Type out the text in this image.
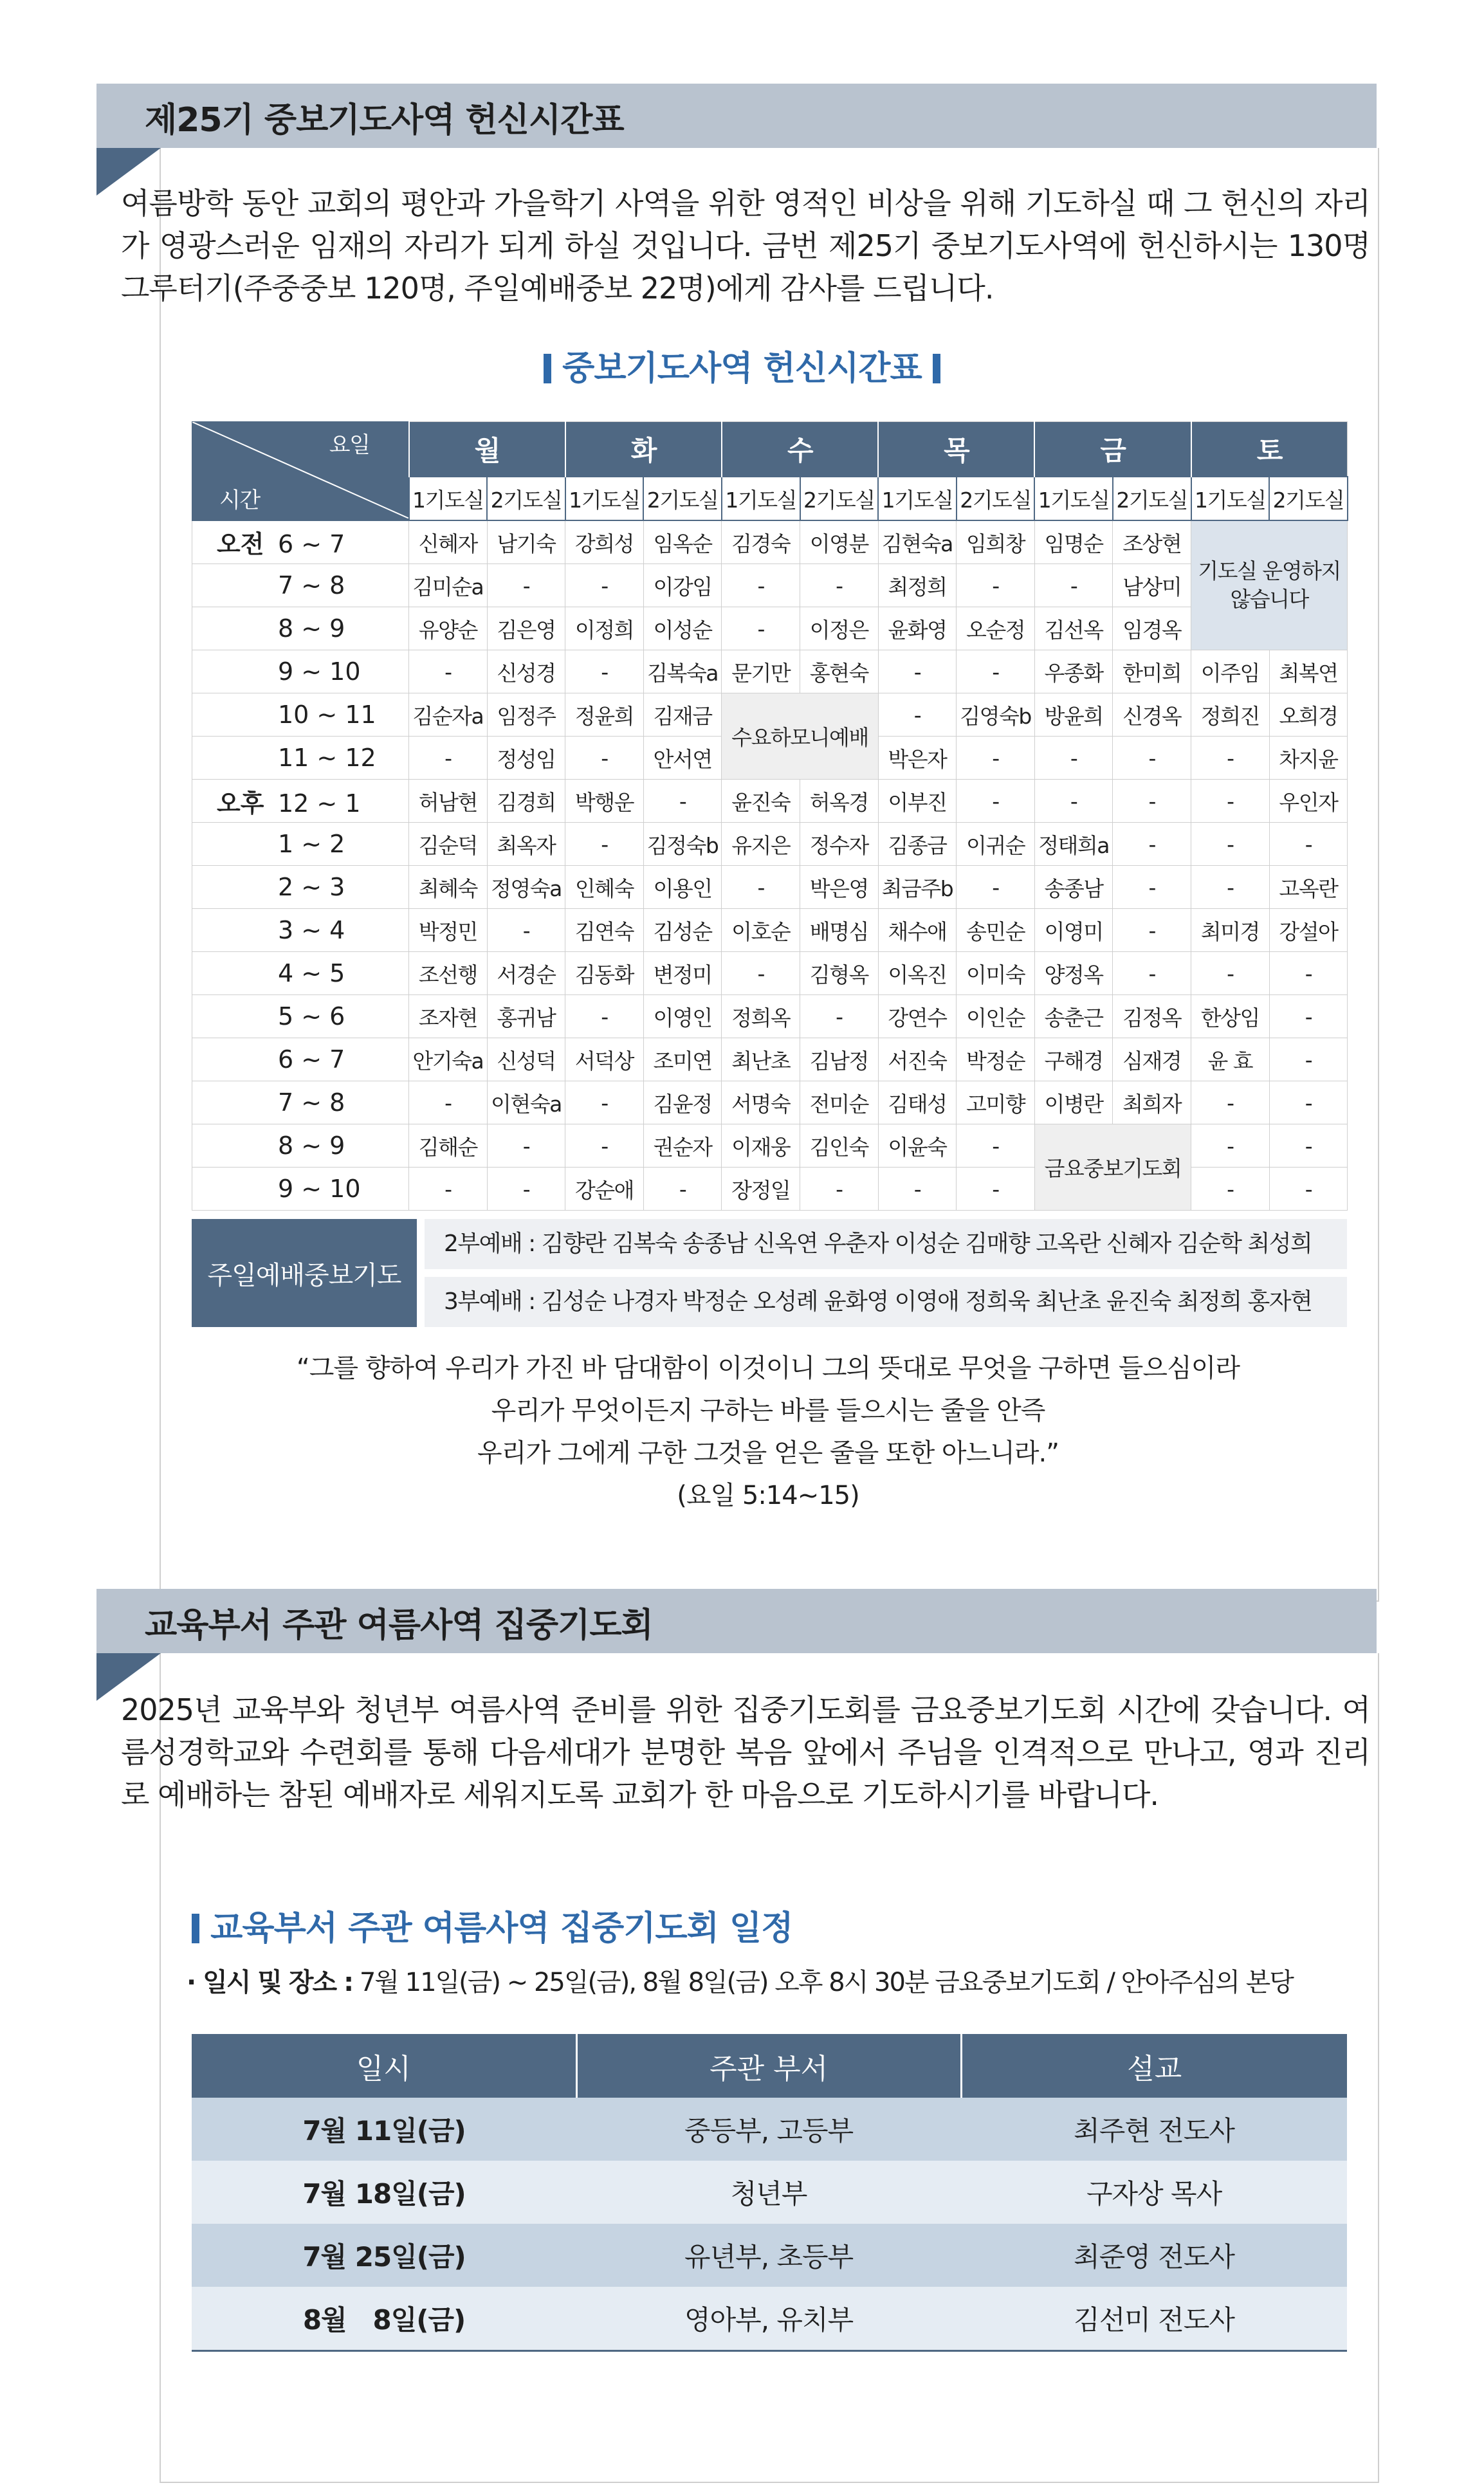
제25기 중보기도사역 헌신시간표
여름방학 동안 교회의 평안과 가을학기 사역을 위한 영적인 비상을 위해 기도하실 때 그 헌신의 자리가 영광스러운 임재의 자리가 되게 하실 것입니다. 금번 제25기 중보기도사역에 헌신하시는 130명 그루터기(주중중보 120명, 주일예배중보 22명)에게 감사를 드립니다.
중보기도사역 헌신시간표
요일
시간	월		화		수		목		금		토	
	1기도실	2기도실	1기도실	2기도실	1기도실	2기도실	1기도실	2기도실	1기도실	2기도실	1기도실	2기도실
오전 6 ~ 7	신혜자	남기숙	강희성	임옥순	김경숙	이영분	김현숙a	임희창	임명순	조상현	기도실 운영하지 않습니다	
7 ~ 8	김미순a	-	-	이강임	-	-	최정희	-	-	남상미		
8 ~ 9	유양순	김은영	이정희	이성순	-	이정은	윤화영	오순정	김선옥	임경옥		
9 ~ 10	-	신성경	-	김복숙a	문기만	홍현숙	-	-	우종화	한미희	이주임	최복연
10 ~ 11	김순자a	임정주	정윤희	김재금	수요하모니예배		-	김영숙b	방윤희	신경옥	정희진	오희경
11 ~ 12	-	정성임	-	안서연			박은자	-	-	-	-	차지윤
오후 12 ~ 1	허남현	김경희	박행운	-	윤진숙	허옥경	이부진	-	-	-	-	우인자
1 ~ 2	김순덕	최옥자	-	김정숙b	유지은	정수자	김종금	이귀순	정태희a	-	-	-
2 ~ 3	최혜숙	정영숙a	인혜숙	이용인	-	박은영	최금주b	-	송종남	-	-	고옥란
3 ~ 4	박정민	-	김연숙	김성순	이호순	배명심	채수애	송민순	이영미	-	최미경	강설아
4 ~ 5	조선행	서경순	김동화	변정미	-	김형옥	이옥진	이미숙	양정옥	-	-	-
5 ~ 6	조자현	홍귀남	-	이영인	정희옥	-	강연수	이인순	송춘근	김정옥	한상임	-
6 ~ 7	안기숙a	신성덕	서덕상	조미연	최난초	김남정	서진숙	박정순	구해경	심재경	윤 효	-
7 ~ 8	-	이현숙a	-	김윤정	서명숙	전미순	김태성	고미향	이병란	최희자	-	-
8 ~ 9	김해순	-	-	권순자	이재웅	김인숙	이윤숙	-	금요중보기도회		-	-
9 ~ 10	-	-	강순애	-	장정일	-	-	-			-	-
주일예배중보기도
2부예배 : 김향란 김복숙 송종남 신옥연 우춘자 이성순 김매향 고옥란 신혜자 김순학 최성희
3부예배 : 김성순 나경자 박정순 오성례 윤화영 이영애 정희욱 최난초 윤진숙 최정희 홍자현
“그를 향하여 우리가 가진 바 담대함이 이것이니 그의 뜻대로 무엇을 구하면 들으심이라
우리가 무엇이든지 구하는 바를 들으시는 줄을 안즉
우리가 그에게 구한 그것을 얻은 줄을 또한 아느니라.”
(요일 5:14~15)
교육부서 주관 여름사역 집중기도회
2025년 교육부와 청년부 여름사역 준비를 위한 집중기도회를 금요중보기도회 시간에 갖습니다. 여름성경학교와 수련회를 통해 다음세대가 분명한 복음 앞에서 주님을 인격적으로 만나고, 영과 진리로 예배하는 참된 예배자로 세워지도록 교회가 한 마음으로 기도하시기를 바랍니다.
교육부서 주관 여름사역 집중기도회 일정
· 일시 및 장소 : 7월 11일(금) ~ 25일(금), 8월 8일(금) 오후 8시 30분 금요중보기도회 / 안아주심의 본당
일시	주관 부서	설교
7월 11일(금)	중등부, 고등부	최주현 전도사
7월 18일(금)	청년부	구자상 목사
7월 25일(금)	유년부, 초등부	최준영 전도사
8월   8일(금)	영아부, 유치부	김선미 전도사
